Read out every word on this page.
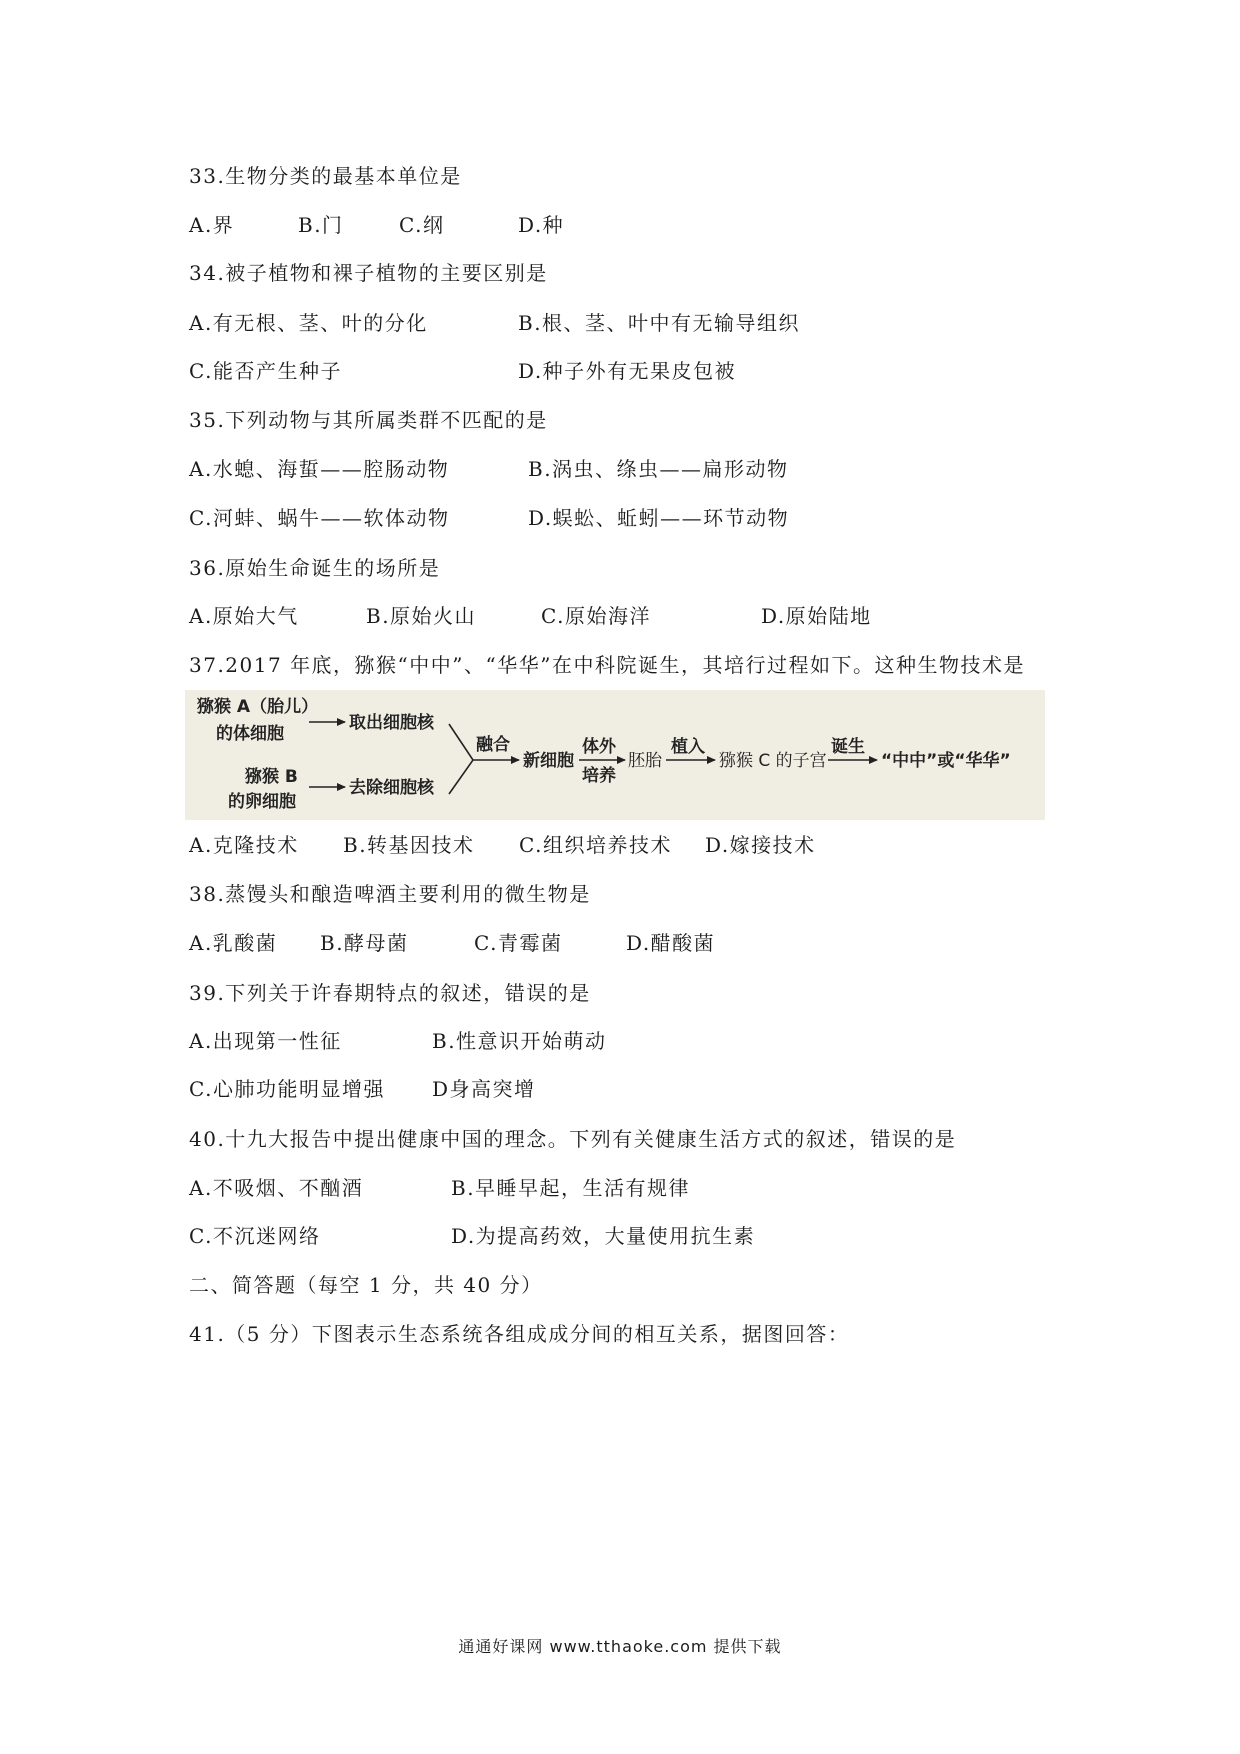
33.生物分类的最基本单位是
A.界	B.门	C.纲	D.种
34.被子植物和裸子植物的主要区别是
A.有无根、茎、叶的分化	B.根、茎、叶中有无输导组织
C.能否产生种子	D.种子外有无果皮包被
35.下列动物与其所属类群不匹配的是
A.水螅、海蜇——腔肠动物	B.涡虫、绦虫——扁形动物
C.河蚌、蜗牛——软体动物	D.蜈蚣、蚯蚓——环节动物
36.原始生命诞生的场所是
A.原始大气	B.原始火山	C.原始海洋	D.原始陆地
37.2017 年底，猕猴“中中”、“华华”在中科院诞生，其培行过程如下。这种生物技术是
猕猴 A（胎儿）
的体细胞
取出细胞核
猕猴 B
的卵细胞
去除细胞核
融合
新细胞
体外
培养
胚胎
植入
猕猴 C 的子宫
诞生
“中中”或“华华”
A.克隆技术 B.转基因技术 C.组织培养技术 D.嫁接技术
38.蒸馒头和酿造啤酒主要利用的微生物是
A.乳酸菌 B.酵母菌	C.青霉菌	D.醋酸菌
39.下列关于许春期特点的叙述，错误的是
A.出现第一性征	B.性意识开始萌动
C.心肺功能明显增强 D身高突增
40.十九大报告中提出健康中国的理念。下列有关健康生活方式的叙述，错误的是
A.不吸烟、不酗酒	B.早睡早起，生活有规律
C.不沉迷网络	D.为提高药效，大量使用抗生素
二、简答题（每空 1 分，共 40 分）
41.（5 分）下图表示生态系统各组成成分间的相互关系，据图回答：
通通好课网 www.tthaoke.com 提供下载
